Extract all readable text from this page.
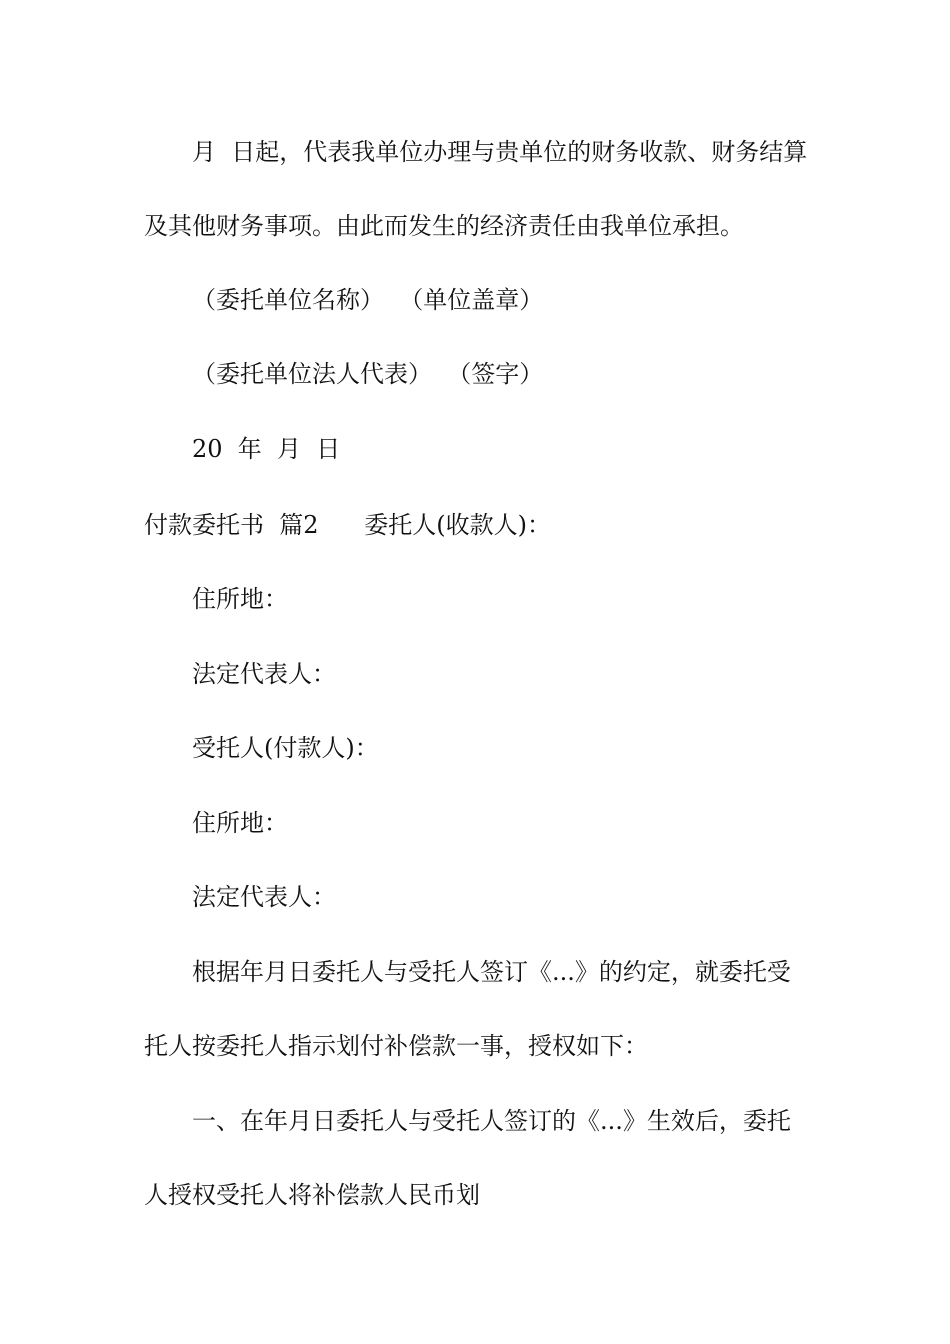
月  日起，代表我单位办理与贵单位的财务收款、财务结算

及其他财务事项。由此而发生的经济责任由我单位承担。

（委托单位名称）  （单位盖章）

（委托单位法人代表）  （签字）

20  年  月  日

付款委托书  篇2      委托人(收款人)：

住所地：

法定代表人：

受托人(付款人)：

住所地：

法定代表人：

根据年月日委托人与受托人签订《...》的约定，就委托受

托人按委托人指示划付补偿款一事，授权如下：

一、在年月日委托人与受托人签订的《...》生效后，委托

人授权受托人将补偿款人民币划
